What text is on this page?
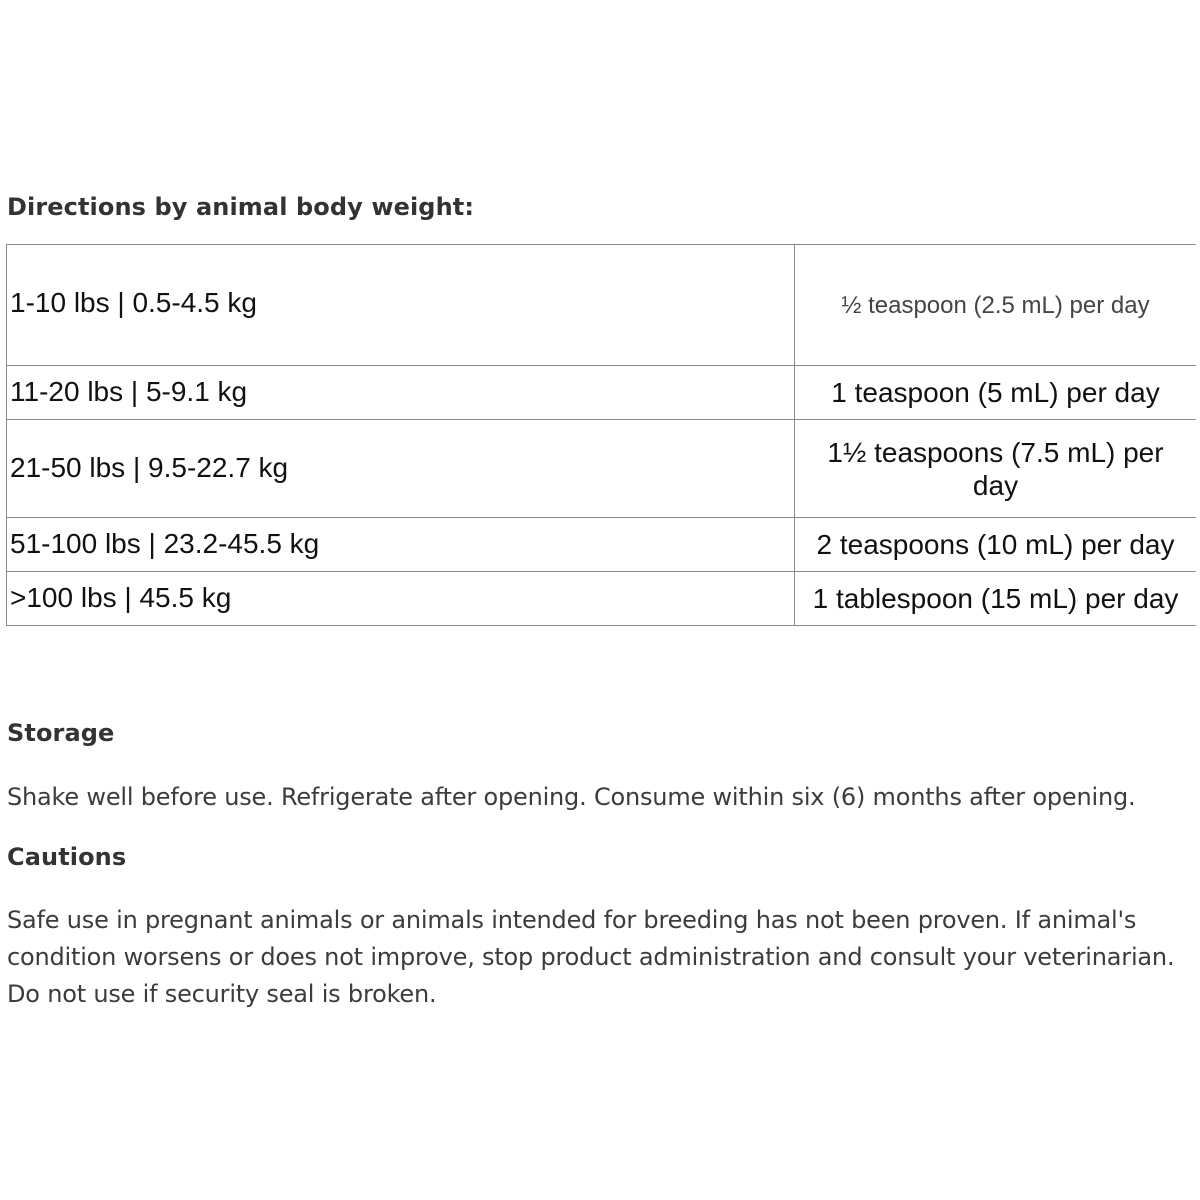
Directions by animal body weight:
1-10 lbs | 0.5-4.5 kg	½ teaspoon (2.5 mL) per day
11-20 lbs | 5-9.1 kg	1 teaspoon (5 mL) per day
21-50 lbs | 9.5-22.7 kg	1½ teaspoons (7.5 mL) per day
51-100 lbs | 23.2-45.5 kg	2 teaspoons (10 mL) per day
>100 lbs | 45.5 kg	1 tablespoon (15 mL) per day
Storage

Shake well before use. Refrigerate after opening. Consume within six (6) months after opening.

Cautions

Safe use in pregnant animals or animals intended for breeding has not been proven. If animal's condition worsens or does not improve, stop product administration and consult your veterinarian. Do not use if security seal is broken.
